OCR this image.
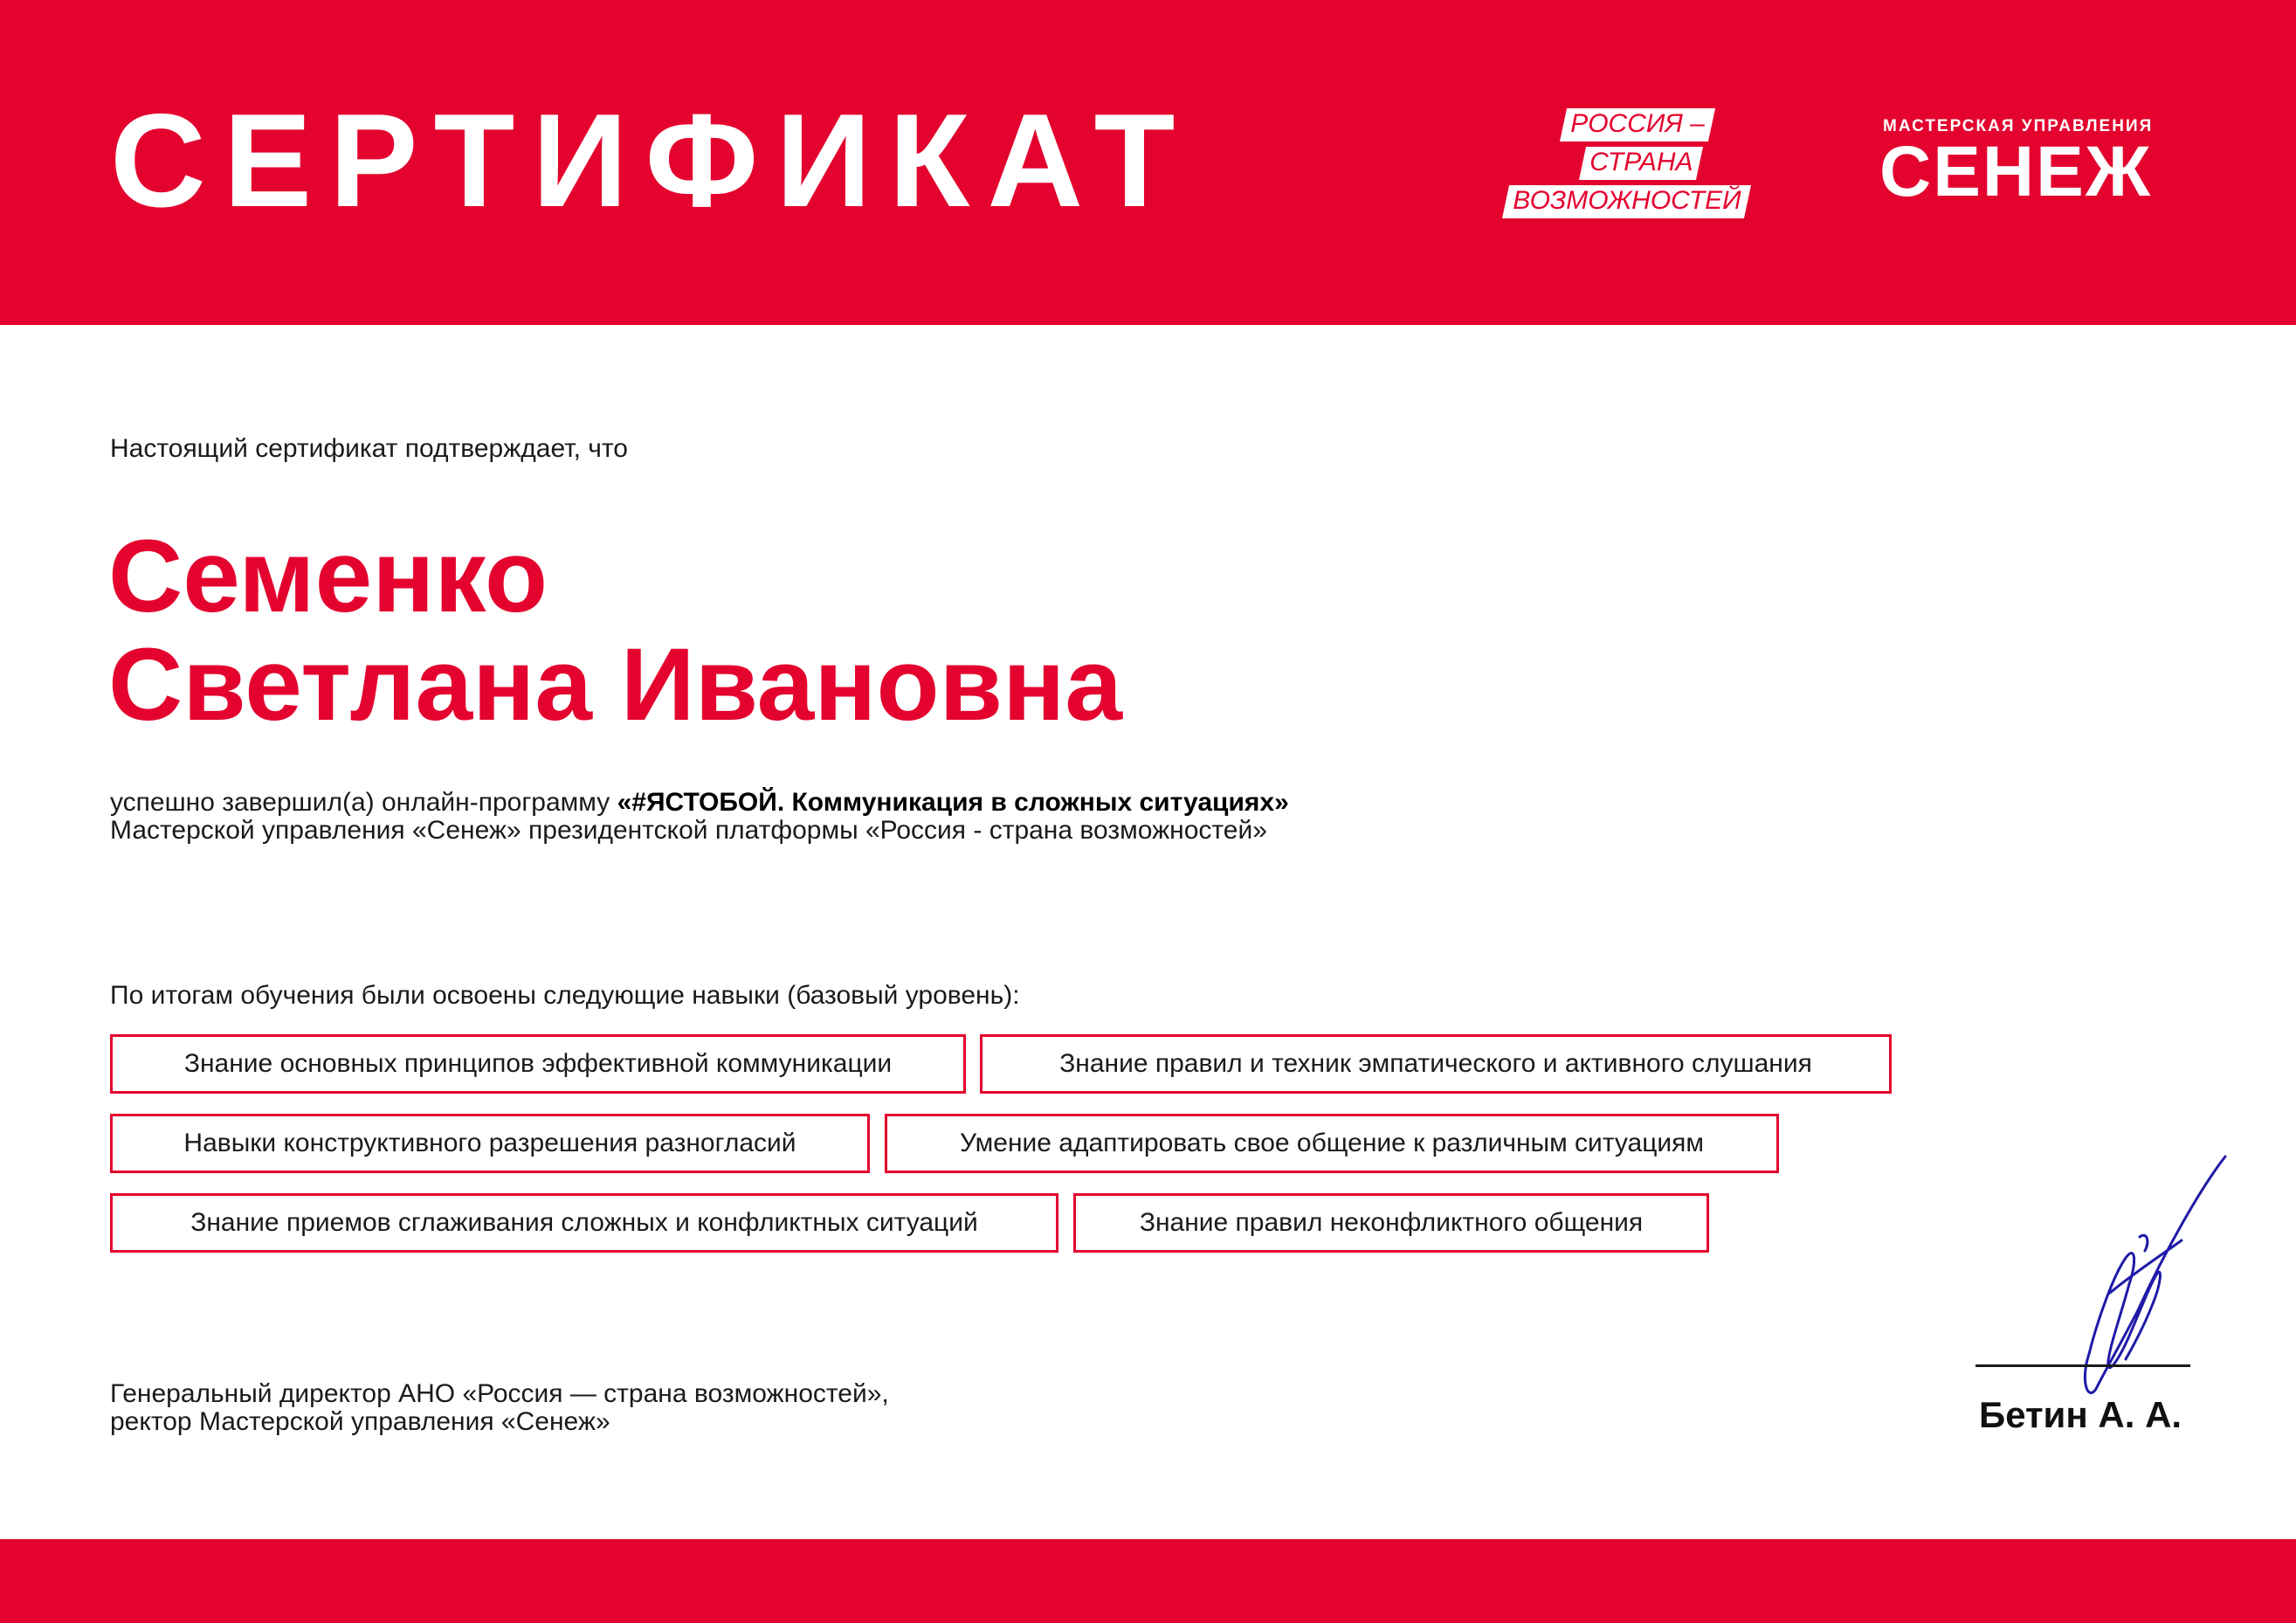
СЕРТИФИКАТ	РОССИЯ –
СТРАНА
ВОЗМОЖНОСТЕЙ
МАСТЕРСКАЯ УПРАВЛЕНИЯ
СЕНЕЖ
Настоящий сертификат подтверждает, что
Семенко
Светлана Ивановна
успешно завершил(а) онлайн-программу «#ЯСТОБОЙ. Коммуникация в сложных ситуациях»
Мастерской управления «Сенеж» президентской платформы «Россия - страна возможностей»
По итогам обучения были освоены следующие навыки (базовый уровень):
Знание основных принципов эффективной коммуникации	Знание правил и техник эмпатического и активного слушания
Навыки конструктивного разрешения разногласий	Умение адаптировать свое общение к различным ситуациям
Знание приемов сглаживания сложных и конфликтных ситуаций	Знание правил неконфликтного общения
Генеральный директор АНО «Россия — страна возможностей»,
ректор Мастерской управления «Сенеж»	Бетин А. А.
